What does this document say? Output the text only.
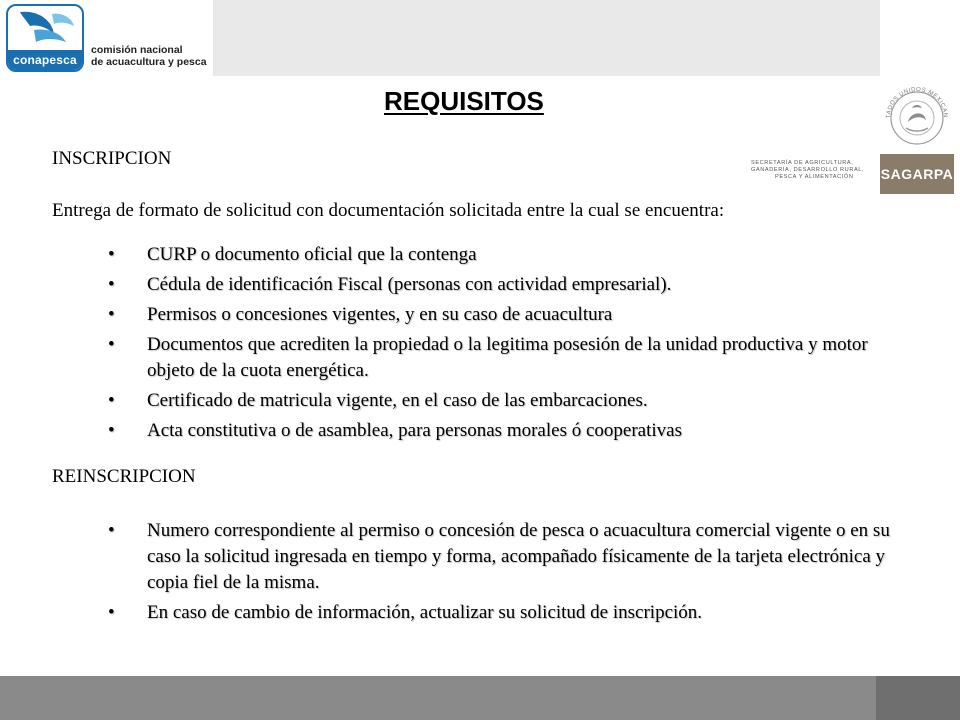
conapesca
comisión nacional
de acuacultura y pesca
REQUISITOS
TADOS UNIDOS MEXICAN
SECRETARÍA DE AGRICULTURA,
GANADERÍA, DESARROLLO RURAL,
PESCA Y ALIMENTACIÓN	SAGARPA

INSCRIPCION

Entrega de formato de solicitud con documentación solicitada entre la cual se encuentra:

• CURP o documento oficial que la contenga
• Cédula de identificación Fiscal (personas con actividad empresarial).
• Permisos o concesiones vigentes, y en su caso de acuacultura
• Documentos que acrediten la propiedad o la legitima posesión de la unidad productiva y motor objeto de la cuota energética.
• Certificado de matricula vigente, en el caso de las embarcaciones.
• Acta constitutiva o de asamblea, para personas morales ó cooperativas

REINSCRIPCION

• Numero correspondiente al permiso o concesión de pesca o acuacultura comercial vigente o en su caso la solicitud ingresada en tiempo y forma, acompañado físicamente de la tarjeta electrónica y copia fiel de la misma.
• En caso de cambio de información, actualizar su solicitud de inscripción.
